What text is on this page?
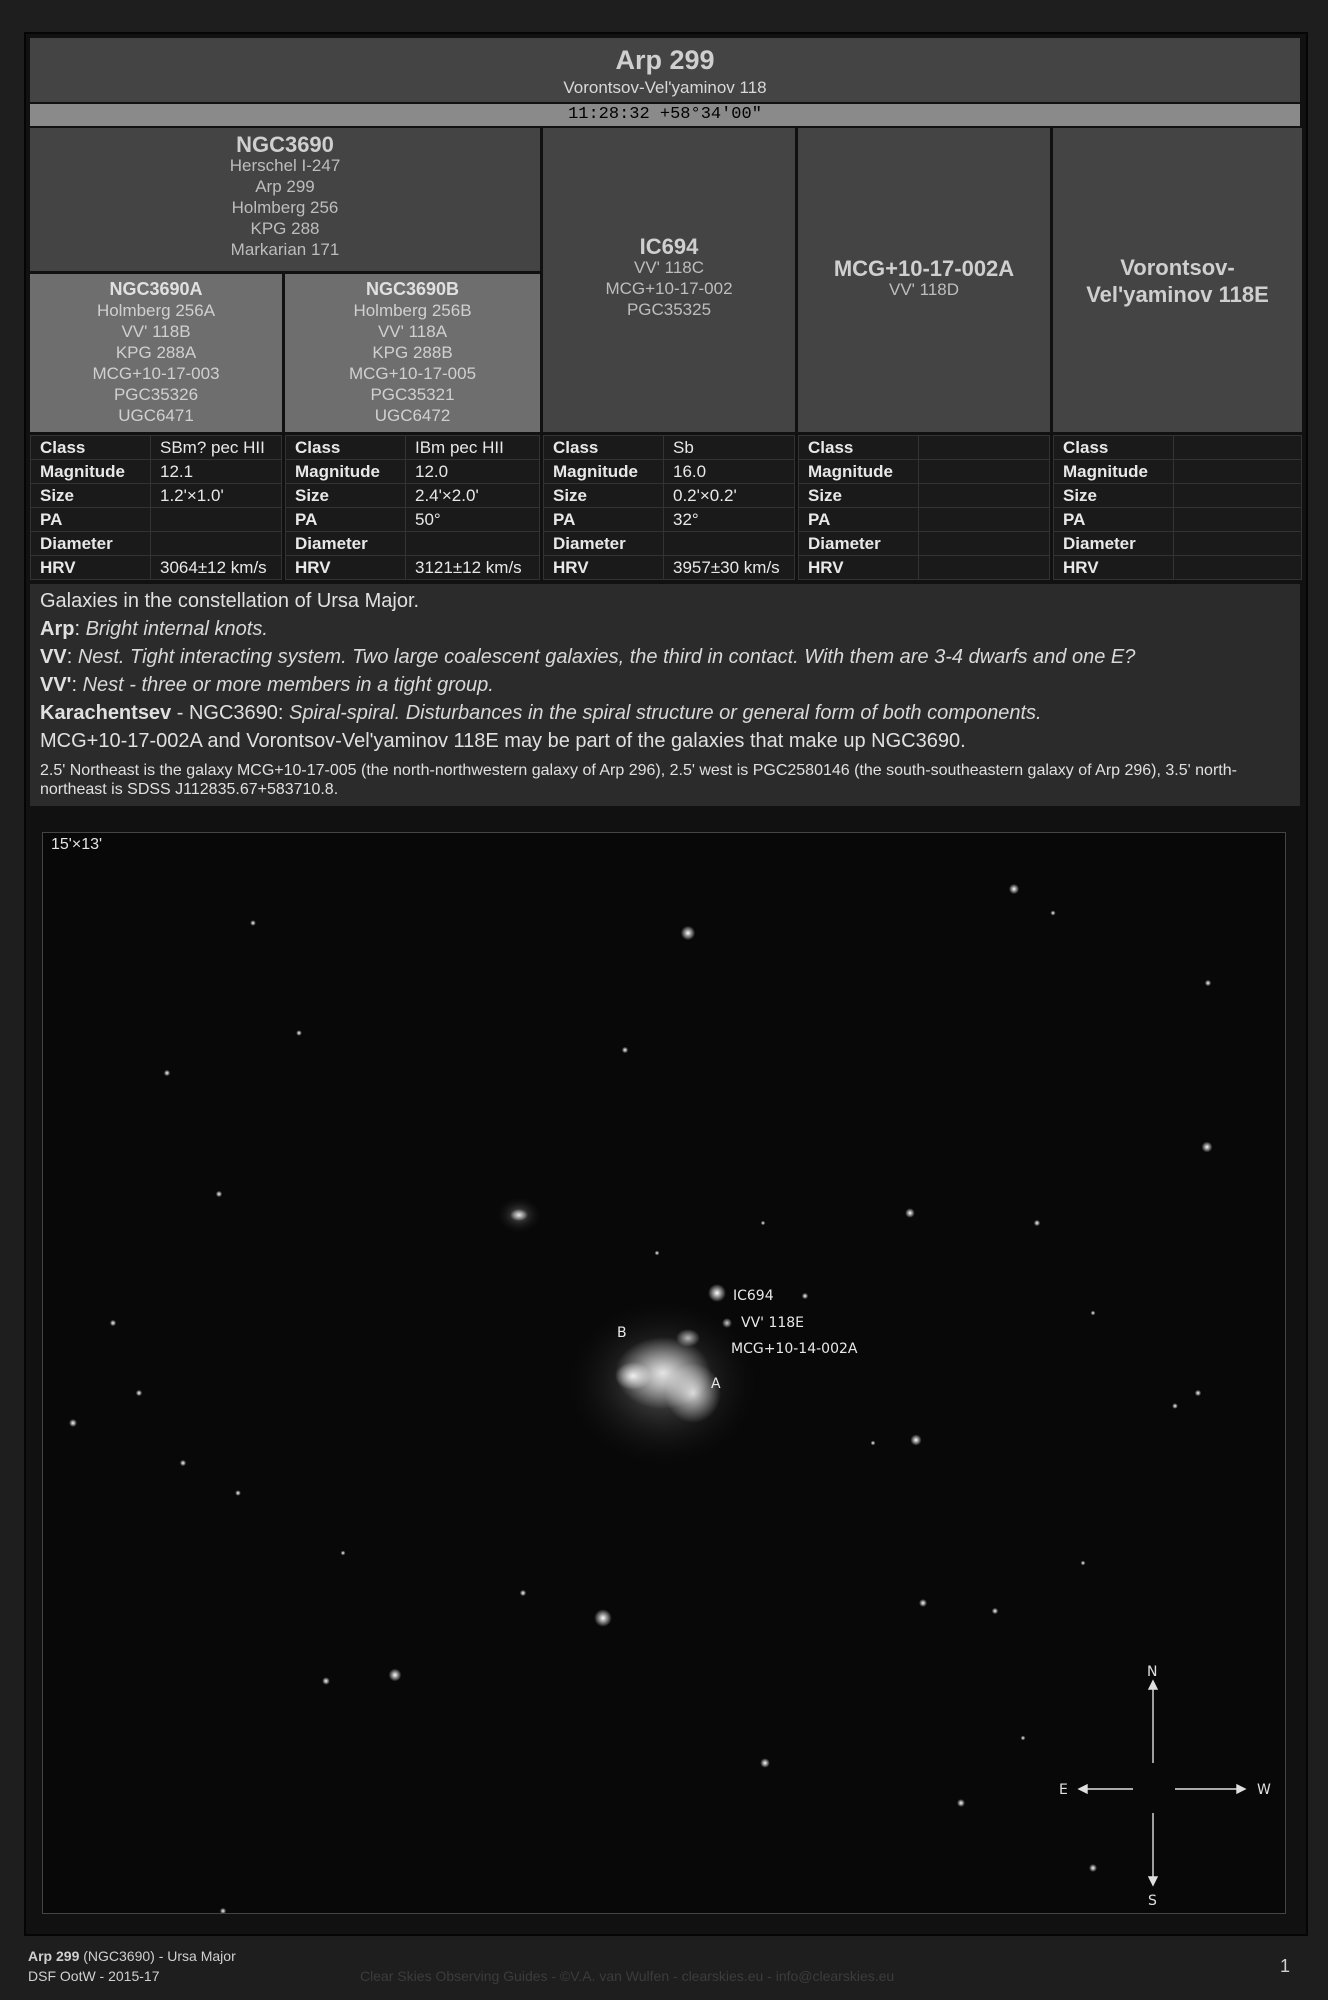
Arp 299
Vorontsov-Vel'yaminov 118
11:28:32 +58°34'00"
NGC3690
Herschel I-247
Arp 299
Holmberg 256
KPG 288
Markarian 171
NGC3690A
Holmberg 256A
VV' 118B
KPG 288A
MCG+10-17-003
PGC35326
UGC6471
NGC3690B
Holmberg 256B
VV' 118A
KPG 288B
MCG+10-17-005
PGC35321
UGC6472
IC694
VV' 118C
MCG+10-17-002
PGC35325
MCG+10-17-002A
VV' 118D
Vorontsov-
Vel'yaminov 118E
Class	SBm? pec HII
Magnitude	12.1
Size	1.2'×1.0'
PA	
Diameter	
HRV	3064±12 km/s
Class	IBm pec HII
Magnitude	12.0
Size	2.4'×2.0'
PA	50°
Diameter	
HRV	3121±12 km/s
Class	Sb
Magnitude	16.0
Size	0.2'×0.2'
PA	32°
Diameter	
HRV	3957±30 km/s
Class	
Magnitude	
Size	
PA	
Diameter	
HRV	
Class	
Magnitude	
Size	
PA	
Diameter	
HRV	

Galaxies in the constellation of Ursa Major.

Arp: Bright internal knots.

VV: Nest. Tight interacting system. Two large coalescent galaxies, the third in contact. With them are 3-4 dwarfs and one E?

VV': Nest - three or more members in a tight group.

Karachentsev - NGC3690: Spiral-spiral. Disturbances in the spiral structure or general form of both components.

MCG+10-17-002A and Vorontsov-Vel'yaminov 118E may be part of the galaxies that make up NGC3690.

2.5' Northeast is the galaxy MCG+10-17-005 (the north-northwestern galaxy of Arp 296), 2.5' west is PGC2580146 (the south-southeastern galaxy of Arp 296), 3.5' north-northeast is SDSS J112835.67+583710.8.

IC694
VV' 118E
MCG+10-14-002A
B
A
N
E	W
S
15'×13'
Arp 299 (NGC3690) - Ursa Major
DSF OotW - 2015-17	Clear Skies Observing Guides - ©V.A. van Wulfen - clearskies.eu - info@clearskies.eu	1
